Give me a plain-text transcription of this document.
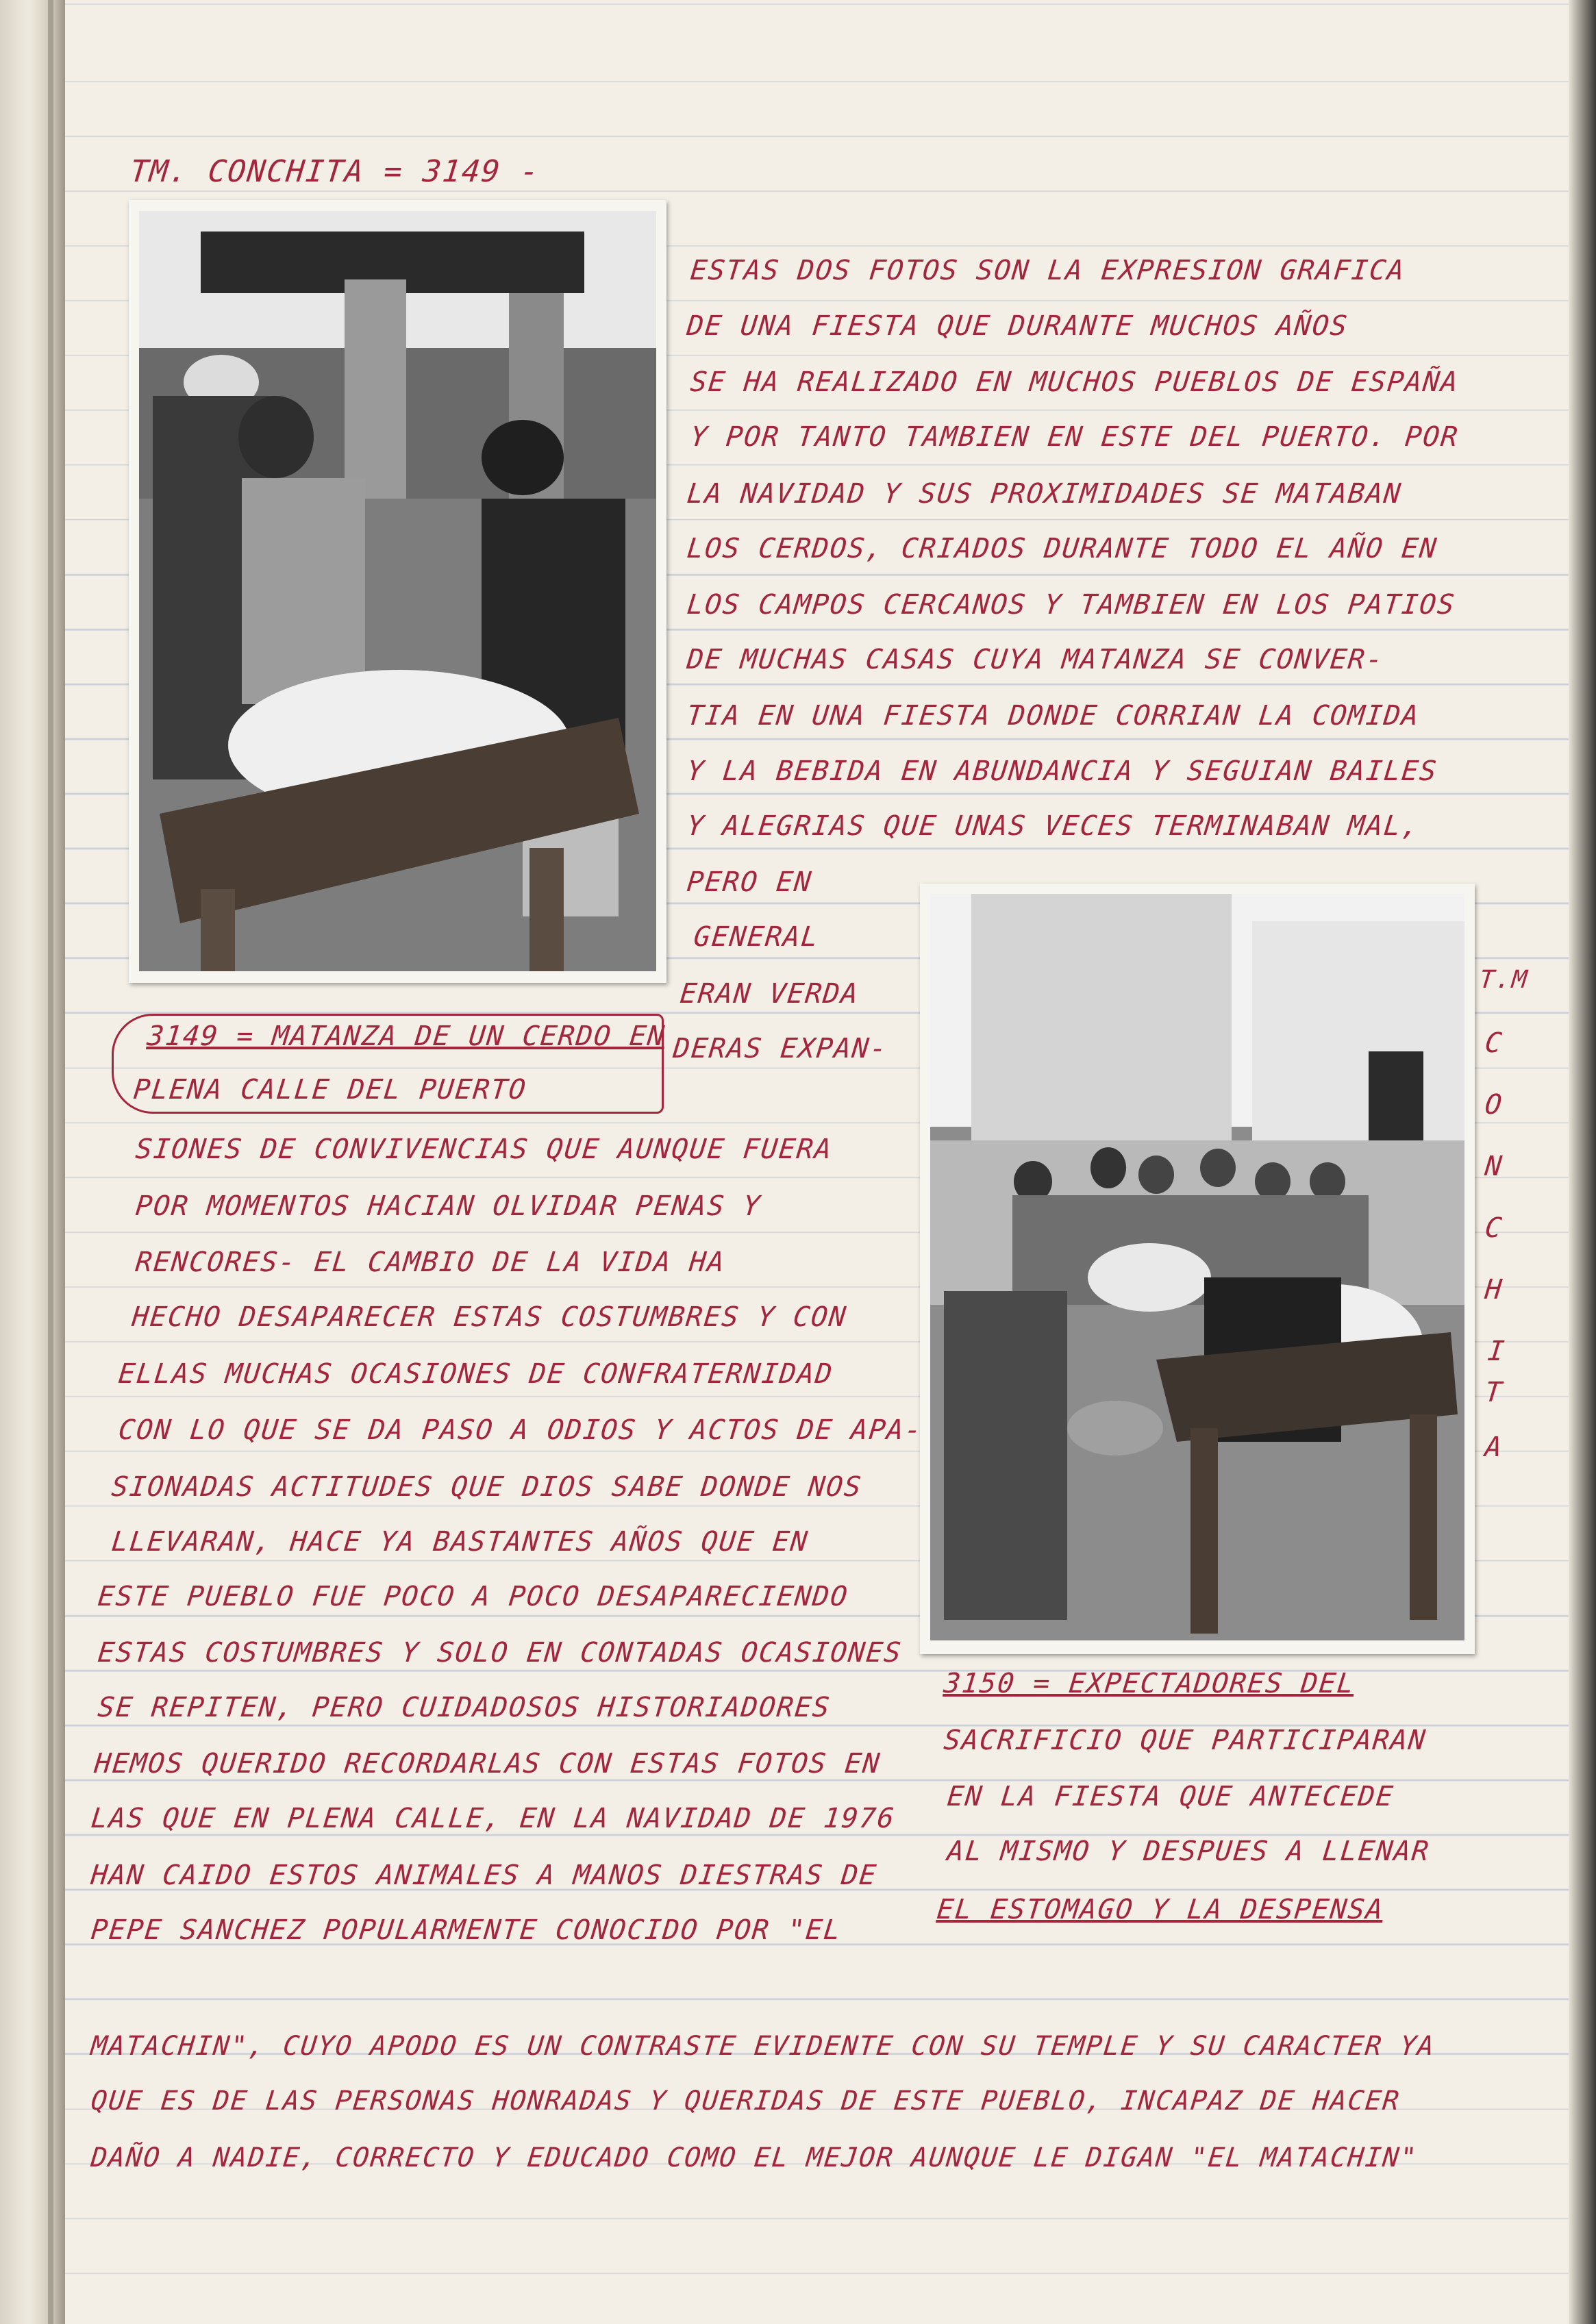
TM. CONCHITA = 3149 -
ESTAS DOS FOTOS SON LA EXPRESION GRAFICA
DE UNA FIESTA QUE DURANTE MUCHOS AÑOS
SE HA REALIZADO EN MUCHOS PUEBLOS DE ESPAÑA
Y POR TANTO TAMBIEN EN ESTE DEL PUERTO. POR
LA NAVIDAD Y SUS PROXIMIDADES SE MATABAN
LOS CERDOS, CRIADOS DURANTE TODO EL AÑO EN
LOS CAMPOS CERCANOS Y TAMBIEN EN LOS PATIOS
DE MUCHAS CASAS CUYA MATANZA SE CONVER-
TIA EN UNA FIESTA DONDE CORRIAN LA COMIDA
Y LA BEBIDA EN ABUNDANCIA Y SEGUIAN BAILES
Y ALEGRIAS QUE UNAS VECES TERMINABAN MAL,
PERO EN
GENERAL
ERAN VERDA
DERAS EXPAN-
3149 = MATANZA DE UN CERDO EN
PLENA CALLE DEL PUERTO
SIONES DE CONVIVENCIAS QUE AUNQUE FUERA
POR MOMENTOS HACIAN OLVIDAR PENAS Y
RENCORES- EL CAMBIO DE LA VIDA HA
HECHO DESAPARECER ESTAS COSTUMBRES Y CON
ELLAS MUCHAS OCASIONES DE CONFRATERNIDAD
CON LO QUE SE DA PASO A ODIOS Y ACTOS DE APA-
SIONADAS ACTITUDES QUE DIOS SABE DONDE NOS
LLEVARAN, HACE YA BASTANTES AÑOS QUE EN
ESTE PUEBLO FUE POCO A POCO DESAPARECIENDO
ESTAS COSTUMBRES Y SOLO EN CONTADAS OCASIONES
SE REPITEN, PERO CUIDADOSOS HISTORIADORES
HEMOS QUERIDO RECORDARLAS CON ESTAS FOTOS EN
LAS QUE EN PLENA CALLE, EN LA NAVIDAD DE 1976
HAN CAIDO ESTOS ANIMALES A MANOS DIESTRAS DE
PEPE SANCHEZ POPULARMENTE CONOCIDO POR "EL
MATACHIN", CUYO APODO ES UN CONTRASTE EVIDENTE CON SU TEMPLE Y SU CARACTER YA
QUE ES DE LAS PERSONAS HONRADAS Y QUERIDAS DE ESTE PUEBLO, INCAPAZ DE HACER
DAÑO A NADIE, CORRECTO Y EDUCADO COMO EL MEJOR AUNQUE LE DIGAN "EL MATACHIN"
3150 = EXPECTADORES DEL
SACRIFICIO QUE PARTICIPARAN
EN LA FIESTA QUE ANTECEDE
AL MISMO Y DESPUES A LLENAR
EL ESTOMAGO Y LA DESPENSA
T.M
C
O
N
C
H
I
T
A
